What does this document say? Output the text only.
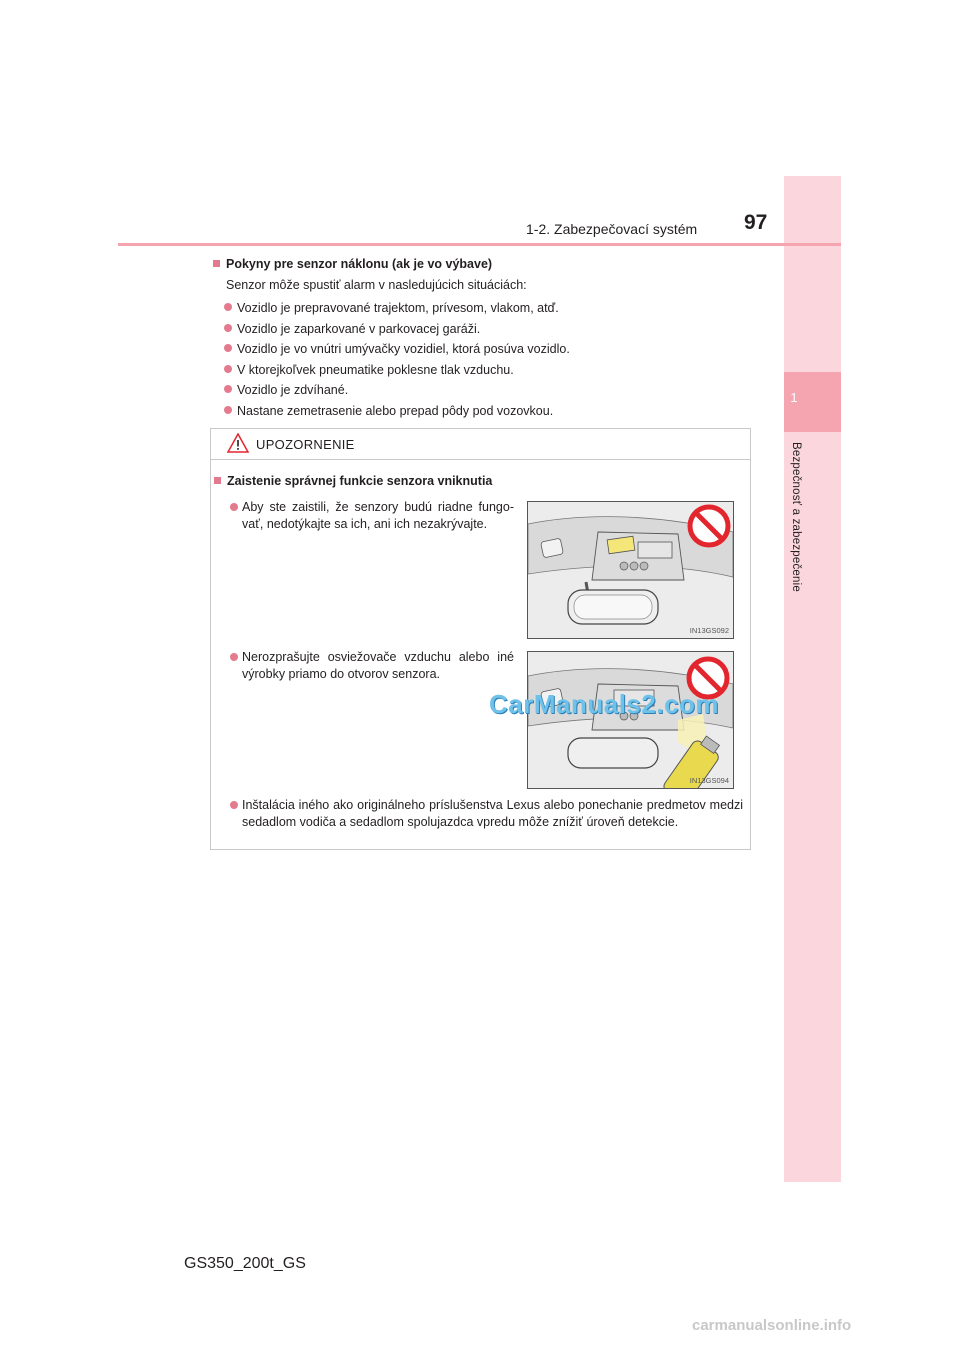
1
Bezpečnosť a zabezpečenie
1-2. Zabezpečovací systém 97
Pokyny pre senzor náklonu (ak je vo výbave)
Senzor môže spustiť alarm v nasledujúcich situáciách:
Vozidlo je prepravované trajektom, prívesom, vlakom, atď.
Vozidlo je zaparkované v parkovacej garáži.
Vozidlo je vo vnútri umývačky vozidiel, ktorá posúva vozidlo.
V ktorejkoľvek pneumatike poklesne tlak vzduchu.
Vozidlo je zdvíhané.
Nastane zemetrasenie alebo prepad pôdy pod vozovkou.
UPOZORNENIE
Zaistenie správnej funkcie senzora vniknutia
Aby ste zaistili, že senzory budú riadne fungo-vať, nedotýkajte sa ich, ani ich nezakrývajte.
IN13GS092
Nerozprašujte osviežovače vzduchu alebo iné výrobky priamo do otvorov senzora.
IN13GS094
Inštalácia iného ako originálneho príslušenstva Lexus alebo ponechanie predmetov medzi sedadlom vodiča a sedadlom spolujazdca vpredu môže znížiť úroveň detekcie.
CarManuals2.com
GS350_200t_GS
carmanualsonline.info
